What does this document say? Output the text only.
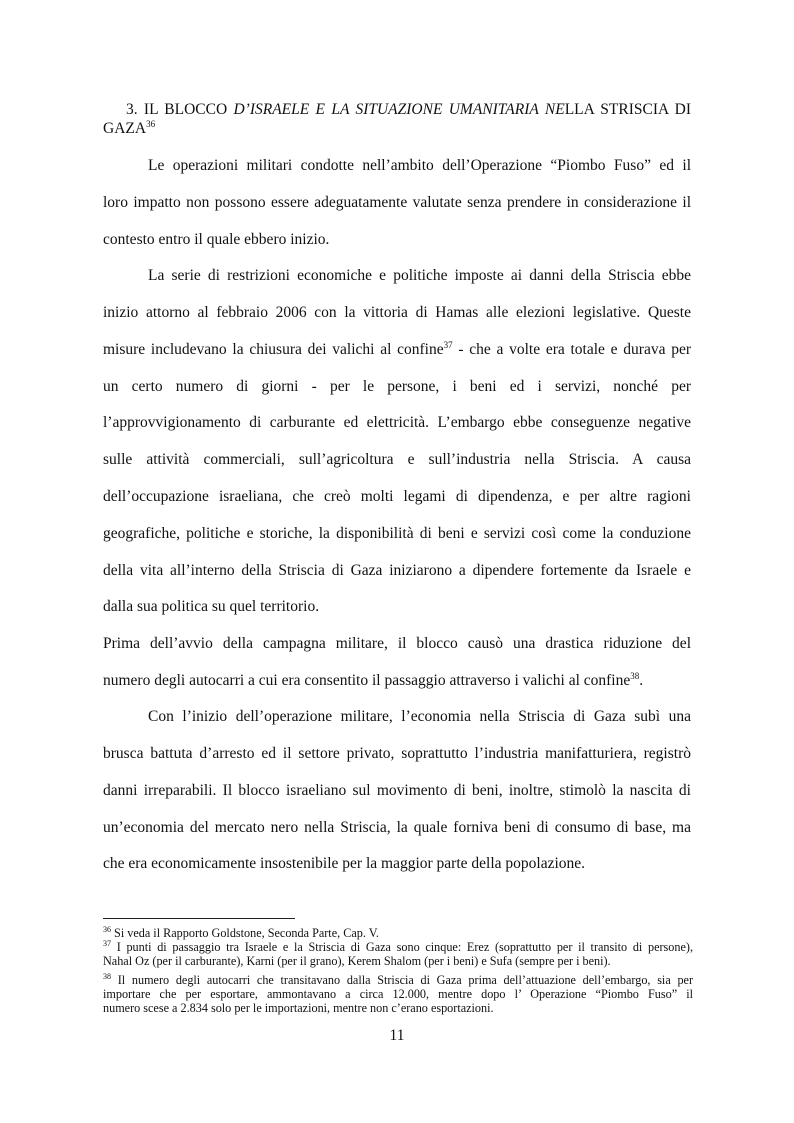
3. IL BLOCCO D’ISRAELE E LA SITUAZIONE UMANITARIA NELLA STRISCIA DI GAZA$^{36}$
Le operazioni militari condotte nell’ambito dell’Operazione “Piombo Fuso” ed il
loro impatto non possono essere adeguatamente valutate senza prendere in considerazione il
contesto entro il quale ebbero inizio.
La serie di restrizioni economiche e politiche imposte ai danni della Striscia ebbe
inizio attorno al febbraio 2006 con la vittoria di Hamas alle elezioni legislative. Queste
misure includevano la chiusura dei valichi al confine$^{37}$ - che a volte era totale e durava per
un certo numero di giorni - per le persone, i beni ed i servizi, nonché per
l’approvvigionamento di carburante ed elettricità. L’embargo ebbe conseguenze negative
sulle attività commerciali, sull’agricoltura e sull’industria nella Striscia. A causa
dell’occupazione israeliana, che creò molti legami di dipendenza, e per altre ragioni
geografiche, politiche e storiche, la disponibilità di beni e servizi così come la conduzione
della vita all’interno della Striscia di Gaza iniziarono a dipendere fortemente da Israele e
dalla sua politica su quel territorio.
Prima dell’avvio della campagna militare, il blocco causò una drastica riduzione del
numero degli autocarri a cui era consentito il passaggio attraverso i valichi al confine$^{38}$.
Con l’inizio dell’operazione militare, l’economia nella Striscia di Gaza subì una
brusca battuta d’arresto ed il settore privato, soprattutto l’industria manifatturiera, registrò
danni irreparabili. Il blocco israeliano sul movimento di beni, inoltre, stimolò la nascita di
un’economia del mercato nero nella Striscia, la quale forniva beni di consumo di base, ma
che era economicamente insostenibile per la maggior parte della popolazione.
$^{36}$ Si veda il Rapporto Goldstone, Seconda Parte, Cap. V.
$^{37}$ I punti di passaggio tra Israele e la Striscia di Gaza sono cinque: Erez (soprattutto per il transito di persone),
Nahal Oz (per il carburante), Karni (per il grano), Kerem Shalom (per i beni) e Sufa (sempre per i beni).
$^{38}$ Il numero degli autocarri che transitavano dalla Striscia di Gaza prima dell’attuazione dell’embargo, sia per
importare che per esportare, ammontavano a circa 12.000, mentre dopo l’ Operazione “Piombo Fuso” il
numero scese a 2.834 solo per le importazioni, mentre non c’erano esportazioni.
11
